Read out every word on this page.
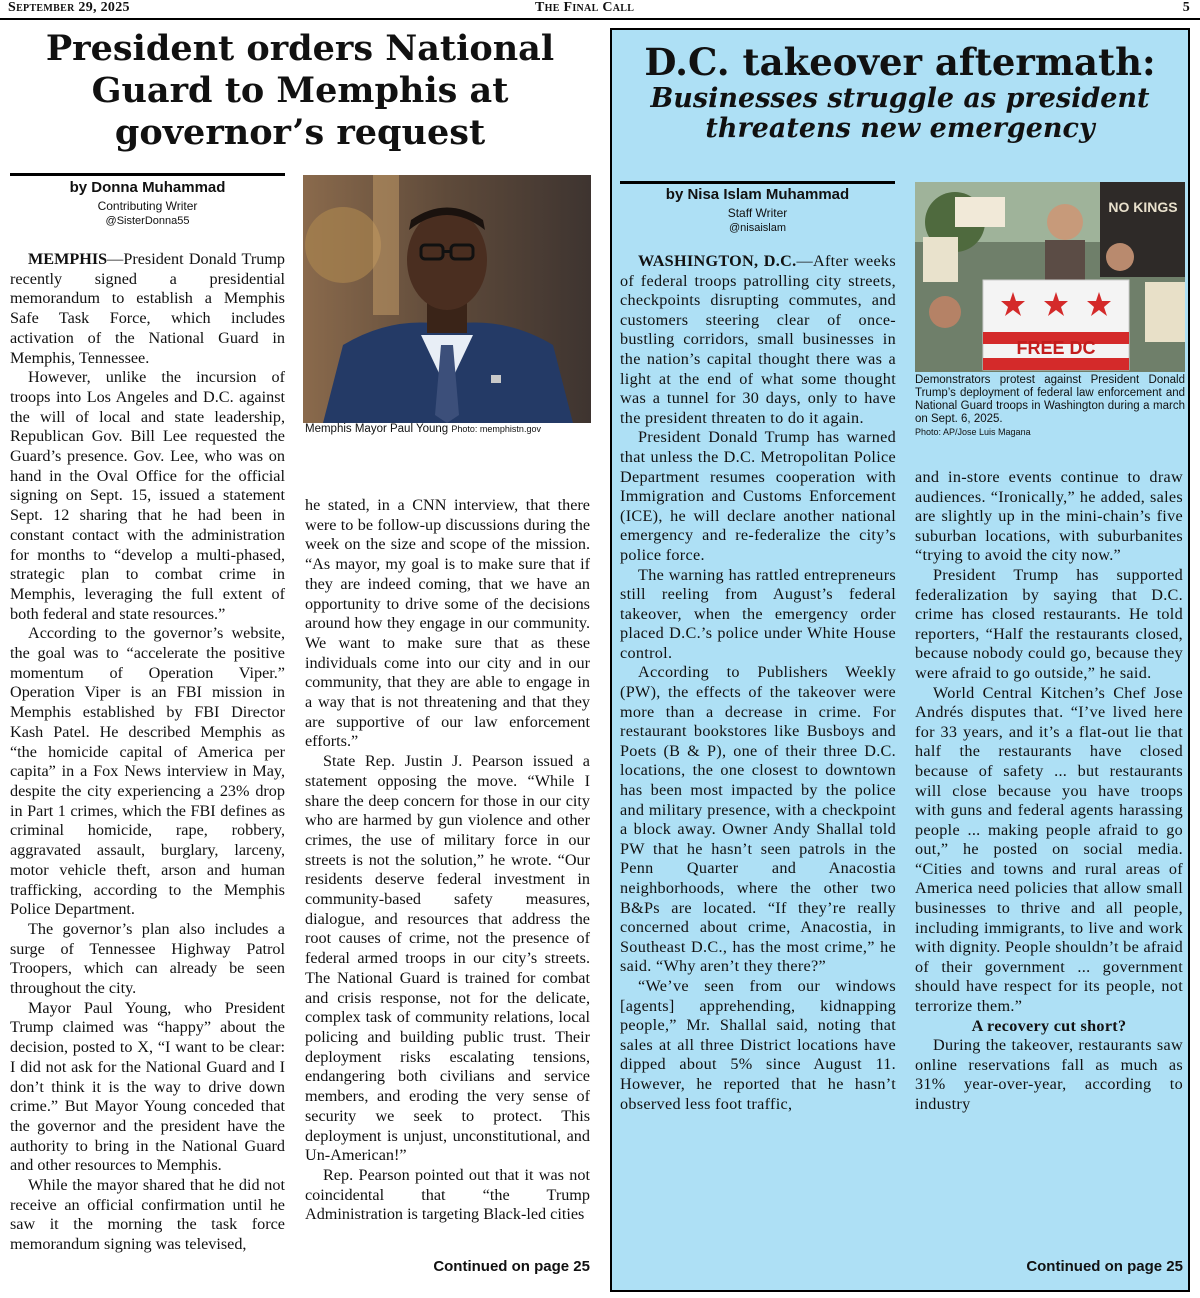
September 29, 2025	The Final Call	5
President orders National Guard to Memphis at governor’s request
by Donna Muhammad
Contributing Writer
@SisterDonna55
Memphis Mayor Paul Young Photo: memphistn.gov

MEMPHIS—President Donald Trump recently signed a presidential memorandum to establish a Memphis Safe Task Force, which includes activation of the National Guard in Memphis, Tennessee.

However, unlike the incursion of troops into Los Angeles and D.C. against the will of local and state leadership, Republican Gov. Bill Lee requested the Guard’s presence. Gov. Lee, who was on hand in the Oval Office for the official signing on Sept. 15, issued a statement Sept. 12 sharing that he had been in constant contact with the administration for months to “develop a multi-phased, strategic plan to combat crime in Memphis, leveraging the full extent of both federal and state resources.”

According to the governor’s website, the goal was to “accelerate the positive momentum of Operation Viper.” Operation Viper is an FBI mission in Memphis established by FBI Director Kash Patel. He described Memphis as “the homicide capital of America per capita” in a Fox News interview in May, despite the city experiencing a 23% drop in Part 1 crimes, which the FBI defines as criminal homicide, rape, robbery, aggravated assault, burglary, larceny, motor vehicle theft, arson and human trafficking, according to the Memphis Police Department.

The governor’s plan also includes a surge of Tennessee Highway Patrol Troopers, which can already be seen throughout the city.

Mayor Paul Young, who President Trump claimed was “happy” about the decision, posted to X, “I want to be clear: I did not ask for the National Guard and I don’t think it is the way to drive down crime.” But Mayor Young conceded that the governor and the president have the authority to bring in the National Guard and other resources to Memphis.

While the mayor shared that he did not receive an official confirmation until he saw it the morning the task force memorandum signing was televised,

he stated, in a CNN interview, that there were to be follow-up discussions during the week on the size and scope of the mission. “As mayor, my goal is to make sure that if they are indeed coming, that we have an opportunity to drive some of the decisions around how they engage in our community. We want to make sure that as these individuals come into our city and in our community, that they are able to engage in a way that is not threatening and that they are supportive of our law enforcement efforts.”

State Rep. Justin J. Pearson issued a statement opposing the move. “While I share the deep concern for those in our city who are harmed by gun violence and other crimes, the use of military force in our streets is not the solution,” he wrote. “Our residents deserve federal investment in community-based safety measures, dialogue, and resources that address the root causes of crime, not the presence of federal armed troops in our city’s streets. The National Guard is trained for combat and crisis response, not for the delicate, complex task of community relations, local policing and building public trust. Their deployment risks escalating tensions, endangering both civilians and service members, and eroding the very sense of security we seek to protect. This deployment is unjust, unconstitutional, and Un-American!”

Rep. Pearson pointed out that it was not coincidental that “the Trump Administration is targeting Black-led cities

Continued on page 25
D.C. takeover aftermath:
Businesses struggle as president threatens new emergency
by Nisa Islam Muhammad
Staff Writer
@nisaislam
FREE DC
NO KINGS
Demonstrators protest against President Donald Trump’s deployment of federal law enforcement and National Guard troops in Washington during a march on Sept. 6, 2025.
Photo: AP/Jose Luis Magana

WASHINGTON, D.C.—After weeks of federal troops patrolling city streets, checkpoints disrupting commutes, and customers steering clear of once-bustling corridors, small businesses in the nation’s capital thought there was a light at the end of what some thought was a tunnel for 30 days, only to have the president threaten to do it again.

President Donald Trump has warned that unless the D.C. Metropolitan Police Department resumes cooperation with Immigration and Customs Enforcement (ICE), he will declare another national emergency and re-federalize the city’s police force.

The warning has rattled entrepreneurs still reeling from August’s federal takeover, when the emergency order placed D.C.’s police under White House control.

According to Publishers Weekly (PW), the effects of the takeover were more than a decrease in crime. For restaurant bookstores like Busboys and Poets (B & P), one of their three D.C. locations, the one closest to downtown has been most impacted by the police and military presence, with a checkpoint a block away. Owner Andy Shallal told PW that he hasn’t seen patrols in the Penn Quarter and Anacostia neighborhoods, where the other two B&Ps are located. “If they’re really concerned about crime, Anacostia, in Southeast D.C., has the most crime,” he said. “Why aren’t they there?”

“We’ve seen from our windows [agents] apprehending, kidnapping people,” Mr. Shallal said, noting that sales at all three District locations have dipped about 5% since August 11. However, he reported that he hasn’t observed less foot traffic,

and in-store events continue to draw audiences. “Ironically,” he added, sales are slightly up in the mini-chain’s five suburban locations, with suburbanites “trying to avoid the city now.”

President Trump has supported federalization by saying that D.C. crime has closed restaurants. He told reporters, “Half the restaurants closed, because nobody could go, because they were afraid to go outside,” he said.

World Central Kitchen’s Chef Jose Andrés disputes that. “I’ve lived here for 33 years, and it’s a flat-out lie that half the restaurants have closed because of safety ... but restaurants will close because you have troops with guns and federal agents harassing people ... making people afraid to go out,” he posted on social media. “Cities and towns and rural areas of America need policies that allow small businesses to thrive and all people, including immigrants, to live and work with dignity. People shouldn’t be afraid of their government ... government should have respect for its people, not terrorize them.”

A recovery cut short?

During the takeover, restaurants saw online reservations fall as much as 31% year-over-year, according to industry

Continued on page 25
